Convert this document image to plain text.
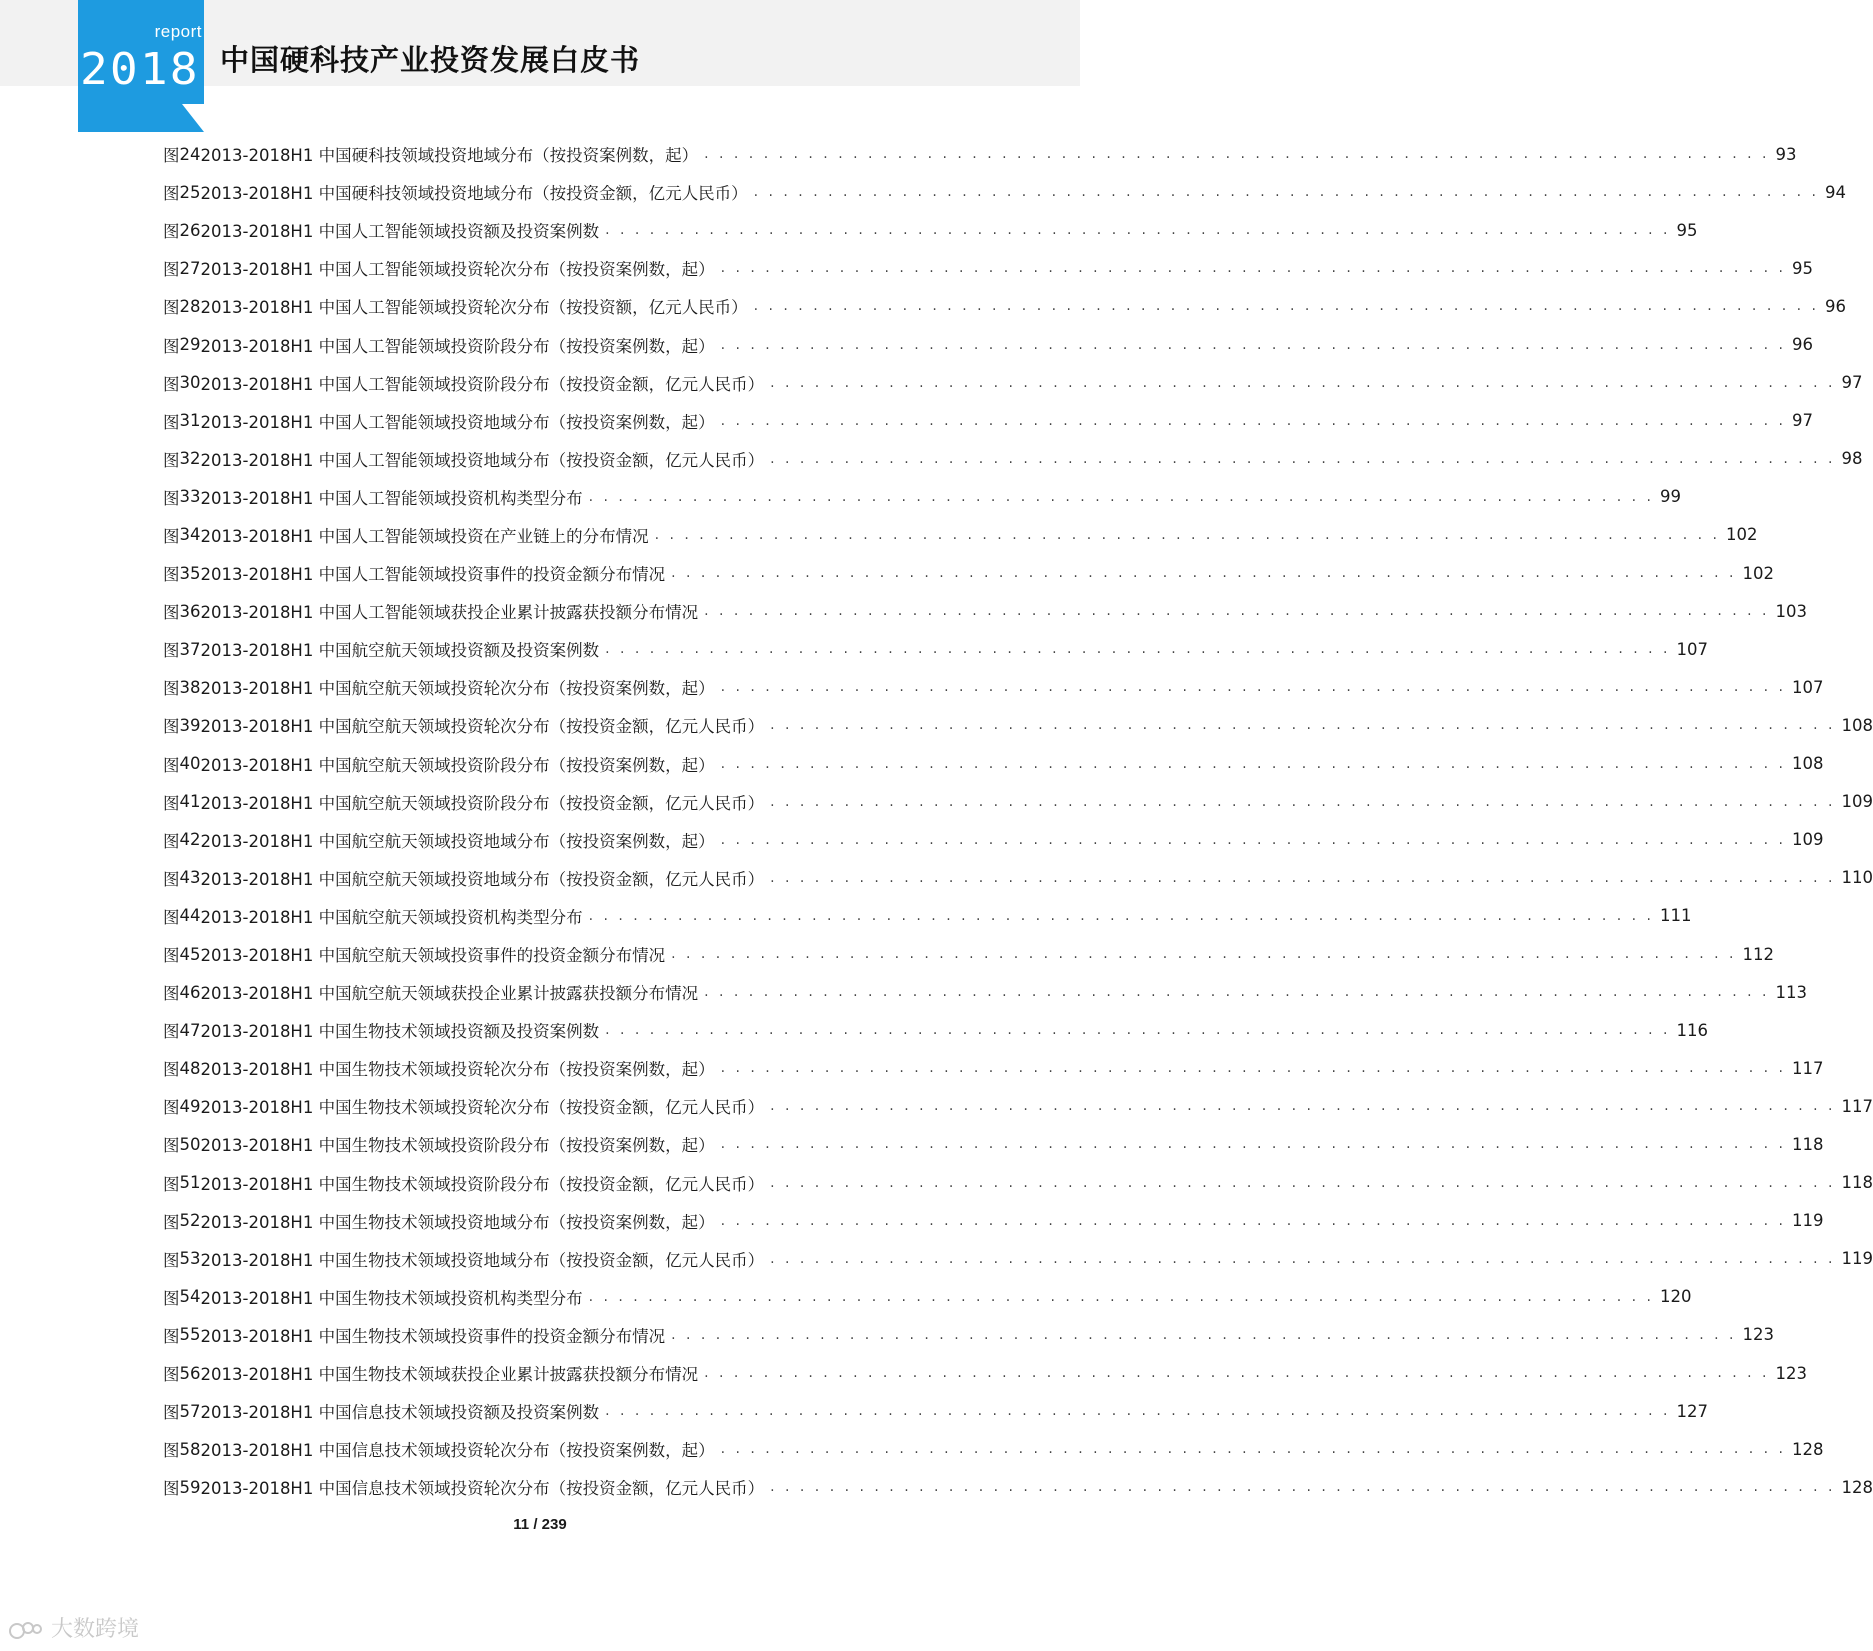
report
2018 中国硬科技产业投资发展白皮书
图 24 2013-2018H1 中国硬科技领域投资地域分布（按投资案例数，起） . . .	93
图 25 2013-2018H1 中国硬科技领域投资地域分布（按投资金额，亿元人民币） . . .	94
图 26 2013-2018H1 中国人工智能领域投资额及投资案例数 . . .	95
图 27 2013-2018H1 中国人工智能领域投资轮次分布（按投资案例数，起） . . .	95
图 28 2013-2018H1 中国人工智能领域投资轮次分布（按投资额，亿元人民币） . . .	96
图 29 2013-2018H1 中国人工智能领域投资阶段分布（按投资案例数，起） . . .	96
图 30 2013-2018H1 中国人工智能领域投资阶段分布（按投资金额，亿元人民币） . . .	97
图 31 2013-2018H1 中国人工智能领域投资地域分布（按投资案例数，起） . . .	97
图 32 2013-2018H1 中国人工智能领域投资地域分布（按投资金额，亿元人民币） . . .	98
图 33 2013-2018H1 中国人工智能领域投资机构类型分布 . . .	99
图 34 2013-2018H1 中国人工智能领域投资在产业链上的分布情况 . . .	102
图 35 2013-2018H1 中国人工智能领域投资事件的投资金额分布情况 . . .	102
图 36 2013-2018H1 中国人工智能领域获投企业累计披露获投额分布情况 . . .	103
图 37 2013-2018H1 中国航空航天领域投资额及投资案例数 . . .	107
图 38 2013-2018H1 中国航空航天领域投资轮次分布（按投资案例数，起） . . .	107
图 39 2013-2018H1 中国航空航天领域投资轮次分布（按投资金额，亿元人民币） . . .	108
图 40 2013-2018H1 中国航空航天领域投资阶段分布（按投资案例数，起） . . .	108
图 41 2013-2018H1 中国航空航天领域投资阶段分布（按投资金额，亿元人民币） . . .	109
图 42 2013-2018H1 中国航空航天领域投资地域分布（按投资案例数，起） . . .	109
图 43 2013-2018H1 中国航空航天领域投资地域分布（按投资金额，亿元人民币） . . .	110
图 44 2013-2018H1 中国航空航天领域投资机构类型分布 . . .	111
图 45 2013-2018H1 中国航空航天领域投资事件的投资金额分布情况 . . .	112
图 46 2013-2018H1 中国航空航天领域获投企业累计披露获投额分布情况 . . .	113
图 47 2013-2018H1 中国生物技术领域投资额及投资案例数 . . .	116
图 48 2013-2018H1 中国生物技术领域投资轮次分布（按投资案例数，起） . . .	117
图 49 2013-2018H1 中国生物技术领域投资轮次分布（按投资金额，亿元人民币） . . .	117
图 50 2013-2018H1 中国生物技术领域投资阶段分布（按投资案例数，起） . . .	118
图 51 2013-2018H1 中国生物技术领域投资阶段分布（按投资金额，亿元人民币） . . .	118
图 52 2013-2018H1 中国生物技术领域投资地域分布（按投资案例数，起） . . .	119
图 53 2013-2018H1 中国生物技术领域投资地域分布（按投资金额，亿元人民币） . . .	119
图 54 2013-2018H1 中国生物技术领域投资机构类型分布 . . .	120
图 55 2013-2018H1 中国生物技术领域投资事件的投资金额分布情况 . . .	123
图 56 2013-2018H1 中国生物技术领域获投企业累计披露获投额分布情况 . . .	123
图 57 2013-2018H1 中国信息技术领域投资额及投资案例数 . . .	127
图 58 2013-2018H1 中国信息技术领域投资轮次分布（按投资案例数，起） . . .	128
图 59 2013-2018H1 中国信息技术领域投资轮次分布（按投资金额，亿元人民币） . . .	128
11 / 239
大数跨境
